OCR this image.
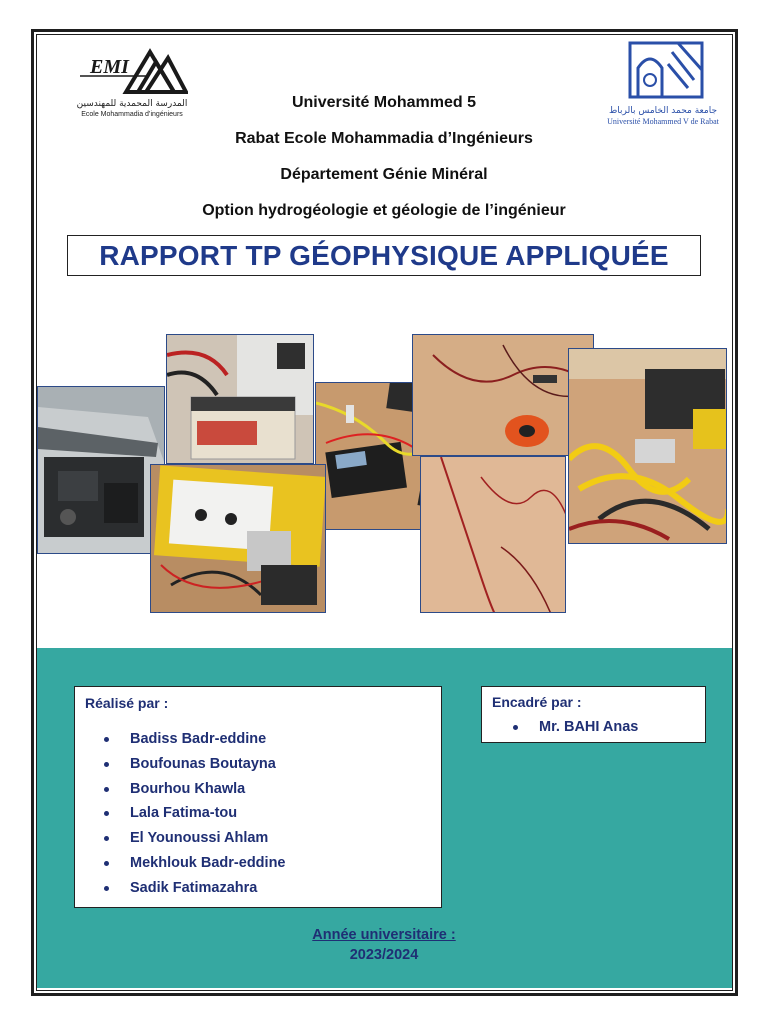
EMI
المدرسة المحمدية للمهندسين
Ecole Mohammadia d’ingénieurs	جامعة محمد الخامس بالرباط
Université Mohammed V de Rabat
Université Mohammed 5
Rabat Ecole Mohammadia d’Ingénieurs
Département Génie Minéral
Option hydrogéologie et géologie de l’ingénieur
RAPPORT TP GÉOPHYSIQUE APPLIQUÉE
Réalisé par :
Badiss Badr-eddine
Boufounas Boutayna
Bourhou Khawla
Lala Fatima-tou
El Younoussi Ahlam
Mekhlouk Badr-eddine
Sadik Fatimazahra
Encadré par :
Mr. BAHI Anas
Année universitaire :
2023/2024
